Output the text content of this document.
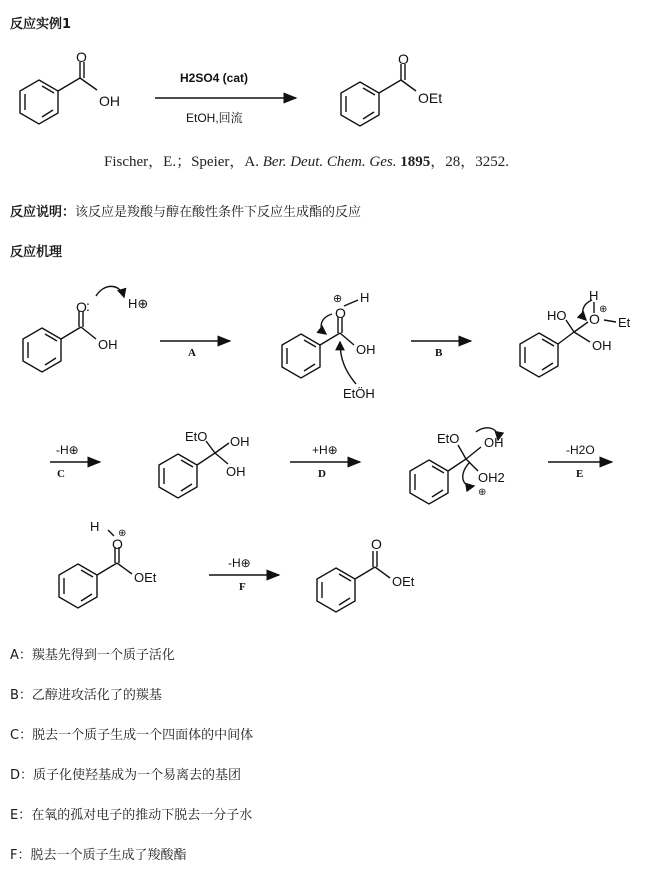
反应实例1
Fischer，E.；Speier，A. Ber. Deut. Chem. Ges. 1895，28，3252.
反应说明：该反应是羧酸与醇在酸性条件下反应生成酯的反应
反应机理
A：羰基先得到一个质子活化
B：乙醇进攻活化了的羰基
C：脱去一个质子生成一个四面体的中间体
D：质子化使羟基成为一个易离去的基团
E：在氧的孤对电子的推动下脱去一分子水
F：脱去一个质子生成了羧酸酯
O
OH
H2SO4 (cat)
EtOH,回流
O
OEt
O :
OH
H⊕
A
O
⊕ H
OH
EtÖH
B
HO
H
O
⊕
Et
OH
-H⊕
C
EtO OH
OH
+H⊕
D
EtO OH
OH2
⊕
-H2O
E
H
O
⊕
OEt
-H⊕
F
O
OEt
